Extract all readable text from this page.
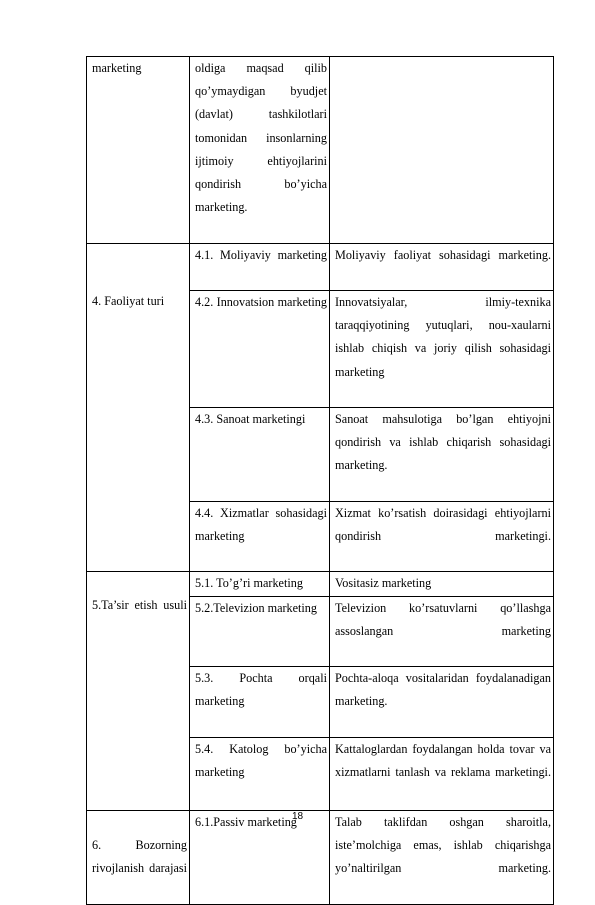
marketing	oldiga maqsad qilib qo’ymaydigan byudjet (davlat) tashkilotlari tomonidan insonlarning ijtimoiy ehtiyojlarini qondirish bo’yicha marketing.	
4. Faoliyat turi	4.1. Moliyaviy marketing	Moliyaviy faoliyat sohasidagi marketing.
	4.2. Innovatsion marketing	Innovatsiyalar, ilmiy-texnika taraqqiyotining yutuqlari, nou-xaularni ishlab chiqish va joriy qilish sohasidagi marketing
	4.3. Sanoat marketingi	Sanoat mahsulotiga bo’lgan ehtiyojni qondirish va ishlab chiqarish sohasidagi marketing.
	4.4. Xizmatlar sohasidagi marketing	Xizmat ko’rsatish doirasidagi ehtiyojlarni qondirish marketingi.

5.Ta’sir etish usuli	5.1. To’g’ri marketing	Vositasiz marketing
	5.2.Televizion marketing	Televizion ko’rsatuvlarni qo’llashga assoslangan marketing
	5.3. Pochta orqali marketing	Pochta-aloqa vositalaridan foydalanadigan marketing.
	5.4. Katolog bo’yicha marketing	Kattaloglardan foydalangan holda tovar va xizmatlarni tanlash va reklama marketingi.

6. Bozorning rivojlanish darajasi	6.1.Passiv marketing	Talab taklifdan oshgan sharoitla, iste’molchiga emas, ishlab chiqarishga yo’naltirilgan marketing.
18
